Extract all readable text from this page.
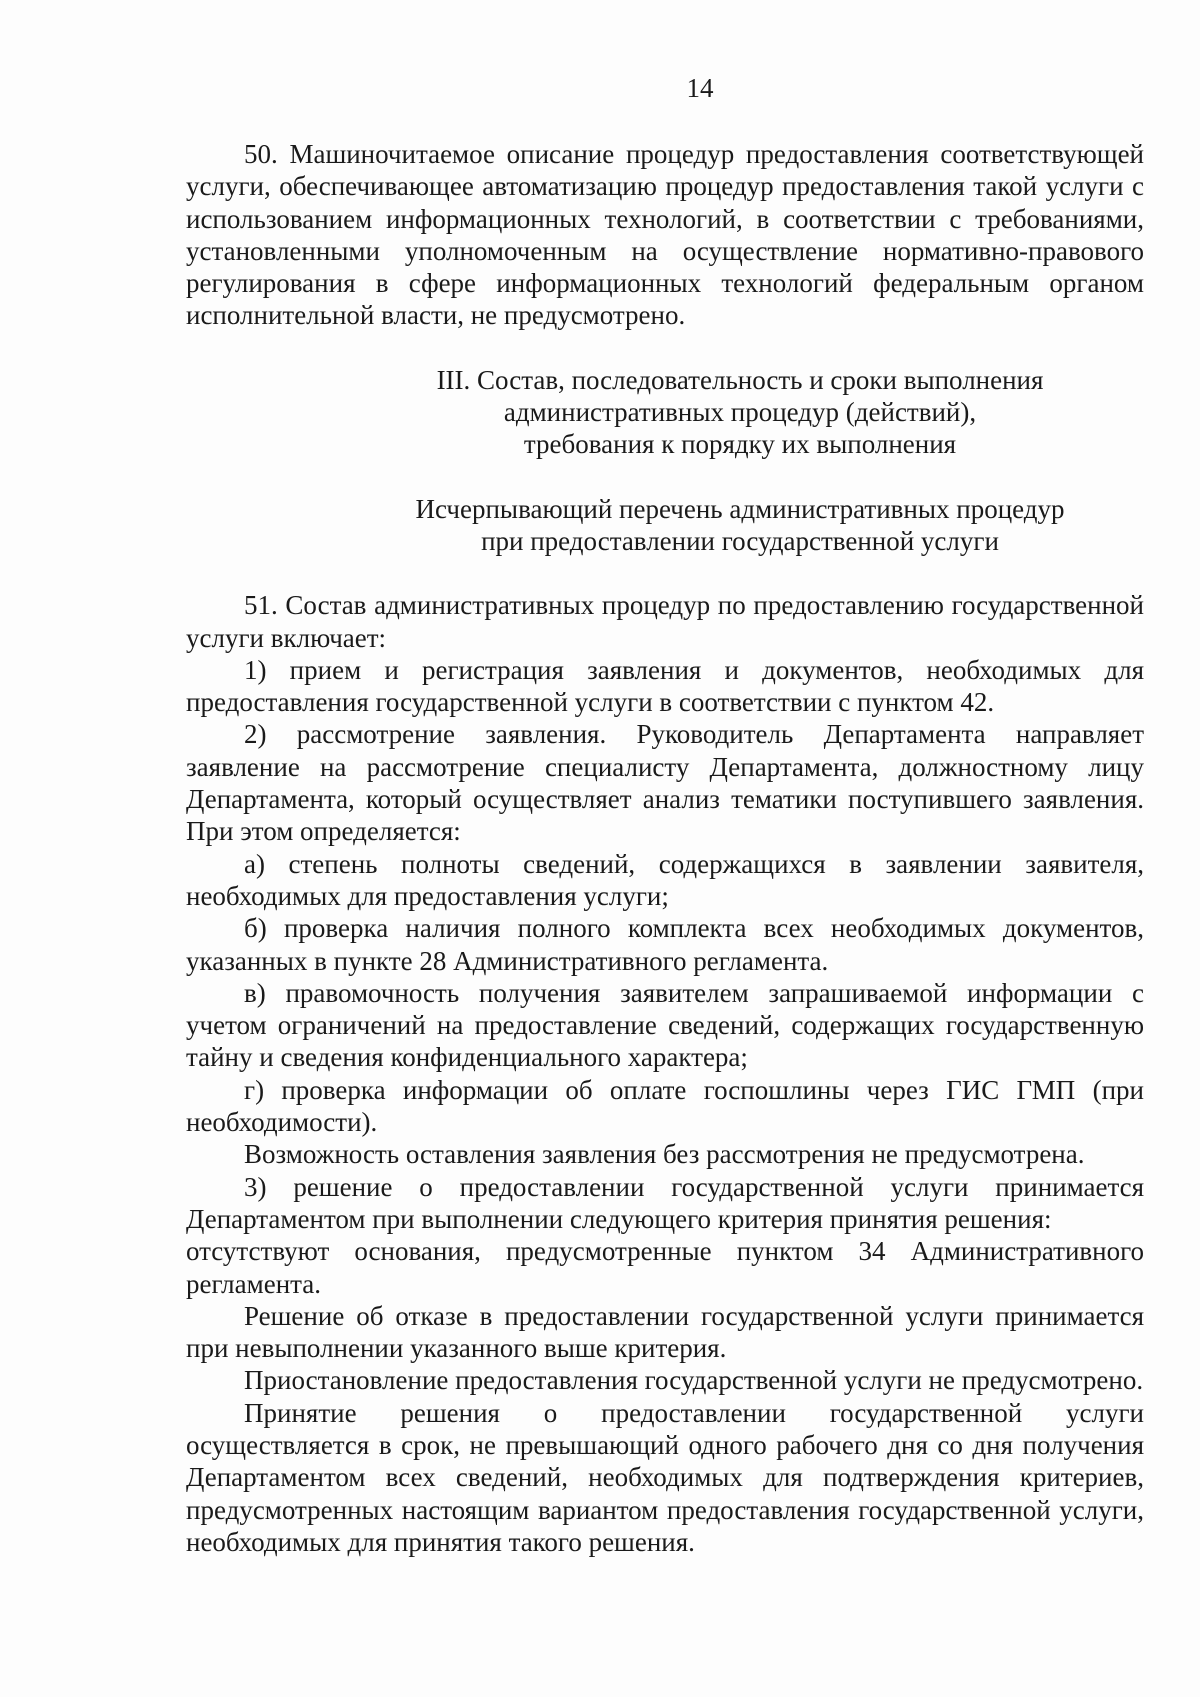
14

50. Машиночитаемое описание процедур предоставления соответствующей услуги, обеспечивающее автоматизацию процедур предоставления такой услуги с использованием информационных технологий, в соответствии с требованиями, установленными уполномоченным на осуществление нормативно-правового регулирования в сфере информационных технологий федеральным органом исполнительной власти, не предусмотрено.

III. Состав, последовательность и сроки выполнения
административных процедур (действий),
требования к порядку их выполнения
Исчерпывающий перечень административных процедур
при предоставлении государственной услуги

51. Состав административных процедур по предоставлению государственной услуги включает:

1) прием и регистрация заявления и документов, необходимых для предоставления государственной услуги в соответствии с пунктом 42.

2) рассмотрение заявления. Руководитель Департамента направляет заявление на рассмотрение специалисту Департамента, должностному лицу Департамента, который осуществляет анализ тематики поступившего заявления. При этом определяется:

а) степень полноты сведений, содержащихся в заявлении заявителя, необходимых для предоставления услуги;

б) проверка наличия полного комплекта всех необходимых документов, указанных в пункте 28 Административного регламента.

в) правомочность получения заявителем запрашиваемой информации с учетом ограничений на предоставление сведений, содержащих государственную тайну и сведения конфиденциального характера;

г) проверка информации об оплате госпошлины через ГИС ГМП (при необходимости).

Возможность оставления заявления без рассмотрения не предусмотрена.

3) решение о предоставлении государственной услуги принимается Департаментом при выполнении следующего критерия принятия решения:

отсутствуют основания, предусмотренные пунктом 34 Административного регламента.

Решение об отказе в предоставлении государственной услуги принимается при невыполнении указанного выше критерия.

Приостановление предоставления государственной услуги не предусмотрено.

Принятие решения о предоставлении государственной услуги осуществляется в срок, не превышающий одного рабочего дня со дня получения Департаментом всех сведений, необходимых для подтверждения критериев, предусмотренных настоящим вариантом предоставления государственной услуги, необходимых для принятия такого решения.
